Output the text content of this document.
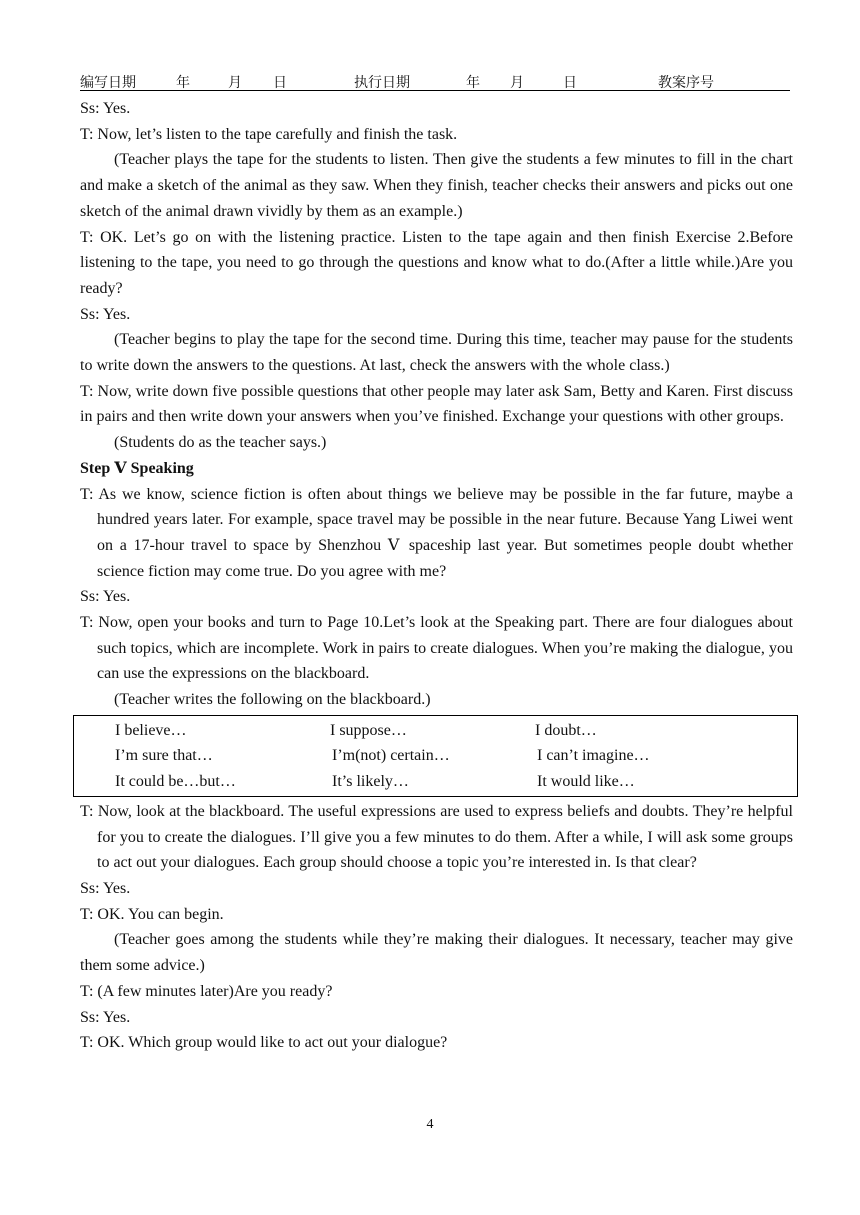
编写日期	年	月 日	执行日期	年 月	日	教案序号

Ss: Yes.

T: Now, let’s listen to the tape carefully and finish the task.

(Teacher plays the tape for the students to listen. Then give the students a few minutes to fill in the chart and make a sketch of the animal as they saw. When they finish, teacher checks their answers and picks out one sketch of the animal drawn vividly by them as an example.)

T: OK. Let’s go on with the listening practice. Listen to the tape again and then finish Exercise 2.Before listening to the tape, you need to go through the questions and know what to do.(After a little while.)Are you ready?

Ss: Yes.

(Teacher begins to play the tape for the second time. During this time, teacher may pause for the students to write down the answers to the questions. At last, check the answers with the whole class.)

T: Now, write down five possible questions that other people may later ask Sam, Betty and Karen. First discuss in pairs and then write down your answers when you’ve finished. Exchange your questions with other groups.

(Students do as the teacher says.)

Step Ⅴ Speaking

T: As we know, science fiction is often about things we believe may be possible in the far future, maybe a hundred years later. For example, space travel may be possible in the near future. Because Yang Liwei went on a 17-hour travel to space by Shenzhou Ⅴ spaceship last year. But sometimes people doubt whether science fiction may come true. Do you agree with me?

Ss: Yes.

T: Now, open your books and turn to Page 10.Let’s look at the Speaking part. There are four dialogues about such topics, which are incomplete. Work in pairs to create dialogues. When you’re making the dialogue, you can use the expressions on the blackboard.

(Teacher writes the following on the blackboard.)

I believe…	I suppose…	I doubt…
I’m sure that…	I’m(not) certain…	I can’t imagine…
It could be…but…	It’s likely…	It would like…

T: Now, look at the blackboard. The useful expressions are used to express beliefs and doubts. They’re helpful for you to create the dialogues. I’ll give you a few minutes to do them. After a while, I will ask some groups to act out your dialogues. Each group should choose a topic you’re interested in. Is that clear?

Ss: Yes.

T: OK. You can begin.

(Teacher goes among the students while they’re making their dialogues. It necessary, teacher may give them some advice.)

T: (A few minutes later)Are you ready?

Ss: Yes.

T: OK. Which group would like to act out your dialogue?

4
